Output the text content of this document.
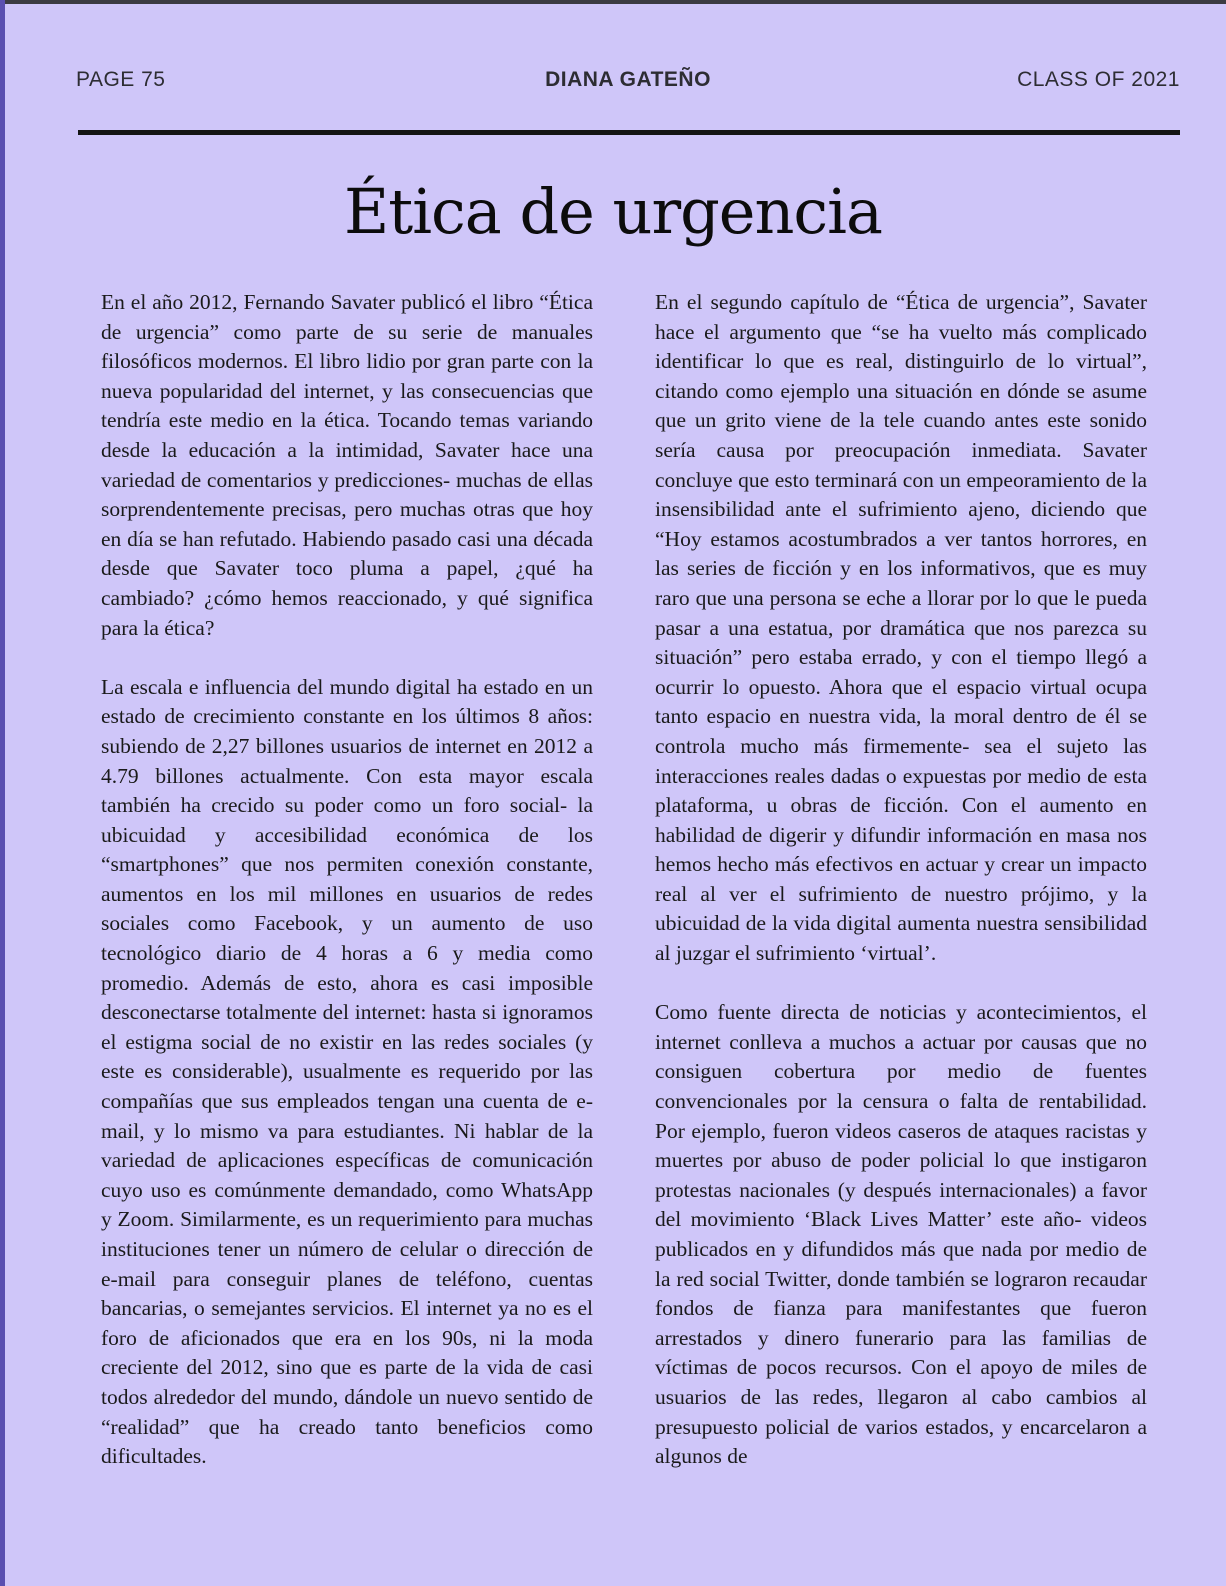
PAGE 75	DIANA GATEÑO	CLASS OF 2021
Ética de urgencia

En el año 2012, Fernando Savater publicó el libro “Ética de urgencia” como parte de su serie de manuales filosóficos modernos. El libro lidio por gran parte con la nueva popularidad del internet, y las consecuencias que tendría este medio en la ética. Tocando temas variando desde la educación a la intimidad, Savater hace una variedad de comentarios y predicciones- muchas de ellas sorprendentemente precisas, pero muchas otras que hoy en día se han refutado. Habiendo pasado casi una década desde que Savater toco pluma a papel, ¿qué ha cambiado? ¿cómo hemos reaccionado, y qué significa para la ética?

La escala e influencia del mundo digital ha estado en un estado de crecimiento constante en los últimos 8 años: subiendo de 2,27 billones usuarios de internet en 2012 a 4.79 billones actualmente. Con esta mayor escala también ha crecido su poder como un foro social- la ubicuidad y accesibilidad económica de los “smartphones” que nos permiten conexión constante, aumentos en los mil millones en usuarios de redes sociales como Facebook, y un aumento de uso tecnológico diario de 4 horas a 6 y media como promedio. Además de esto, ahora es casi imposible desconectarse totalmente del internet: hasta si ignoramos el estigma social de no existir en las redes sociales (y este es considerable), usualmente es requerido por las compañías que sus empleados tengan una cuenta de e-mail, y lo mismo va para estudiantes. Ni hablar de la variedad de aplicaciones específicas de comunicación cuyo uso es comúnmente demandado, como WhatsApp y Zoom. Similarmente, es un requerimiento para muchas instituciones tener un número de celular o dirección de e-mail para conseguir planes de teléfono, cuentas bancarias, o semejantes servicios. El internet ya no es el foro de aficionados que era en los 90s, ni la moda creciente del 2012, sino que es parte de la vida de casi todos alrededor del mundo, dándole un nuevo sentido de “realidad” que ha creado tanto beneficios como dificultades.

En el segundo capítulo de “Ética de urgencia”, Savater hace el argumento que “se ha vuelto más complicado identificar lo que es real, distinguirlo de lo virtual”, citando como ejemplo una situación en dónde se asume que un grito viene de la tele cuando antes este sonido sería causa por preocupación inmediata. Savater concluye que esto terminará con un empeoramiento de la insensibilidad ante el sufrimiento ajeno, diciendo que “Hoy estamos acostumbrados a ver tantos horrores, en las series de ficción y en los informativos, que es muy raro que una persona se eche a llorar por lo que le pueda pasar a una estatua, por dramática que nos parezca su situación” pero estaba errado, y con el tiempo llegó a ocurrir lo opuesto. Ahora que el espacio virtual ocupa tanto espacio en nuestra vida, la moral dentro de él se controla mucho más firmemente- sea el sujeto las interacciones reales dadas o expuestas por medio de esta plataforma, u obras de ficción. Con el aumento en habilidad de digerir y difundir información en masa nos hemos hecho más efectivos en actuar y crear un impacto real al ver el sufrimiento de nuestro prójimo, y la ubicuidad de la vida digital aumenta nuestra sensibilidad al juzgar el sufrimiento ‘virtual’.

Como fuente directa de noticias y acontecimientos, el internet conlleva a muchos a actuar por causas que no consiguen cobertura por medio de fuentes convencionales por la censura o falta de rentabilidad. Por ejemplo, fueron videos caseros de ataques racistas y muertes por abuso de poder policial lo que instigaron protestas nacionales (y después internacionales) a favor del movimiento ‘Black Lives Matter’ este año- videos publicados en y difundidos más que nada por medio de la red social Twitter, donde también se lograron recaudar fondos de fianza para manifestantes que fueron arrestados y dinero funerario para las familias de víctimas de pocos recursos. Con el apoyo de miles de usuarios de las redes, llegaron al cabo cambios al presupuesto policial de varios estados, y encarcelaron a algunos de
